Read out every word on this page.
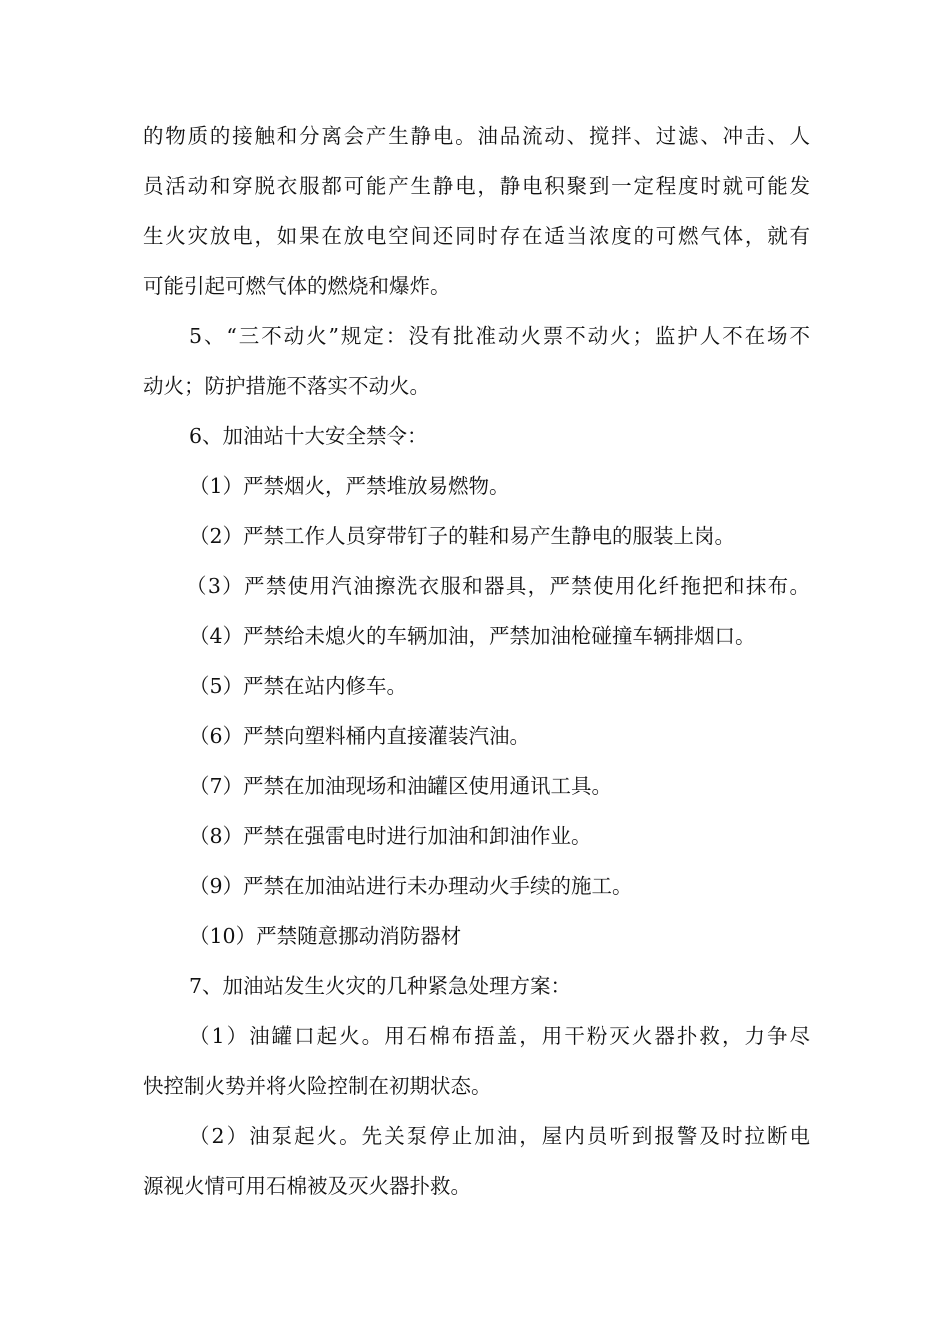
的物质的接触和分离会产生静电。油品流动、搅拌、过滤、冲击、人
员活动和穿脱衣服都可能产生静电，静电积聚到一定程度时就可能发
生火灾放电，如果在放电空间还同时存在适当浓度的可燃气体，就有
可能引起可燃气体的燃烧和爆炸。
5、“三不动火”规定：没有批准动火票不动火；监护人不在场不
动火；防护措施不落实不动火。
6、加油站十大安全禁令：
（1）严禁烟火，严禁堆放易燃物。
（2）严禁工作人员穿带钉子的鞋和易产生静电的服装上岗。
（3）严禁使用汽油擦洗衣服和器具，严禁使用化纤拖把和抹布。
（4）严禁给未熄火的车辆加油，严禁加油枪碰撞车辆排烟口。
（5）严禁在站内修车。
（6）严禁向塑料桶内直接灌装汽油。
（7）严禁在加油现场和油罐区使用通讯工具。
（8）严禁在强雷电时进行加油和卸油作业。
（9）严禁在加油站进行未办理动火手续的施工。
（10）严禁随意挪动消防器材
7、加油站发生火灾的几种紧急处理方案：
（1）油罐口起火。用石棉布捂盖，用干粉灭火器扑救，力争尽
快控制火势并将火险控制在初期状态。
（2）油泵起火。先关泵停止加油，屋内员听到报警及时拉断电
源视火情可用石棉被及灭火器扑救。
